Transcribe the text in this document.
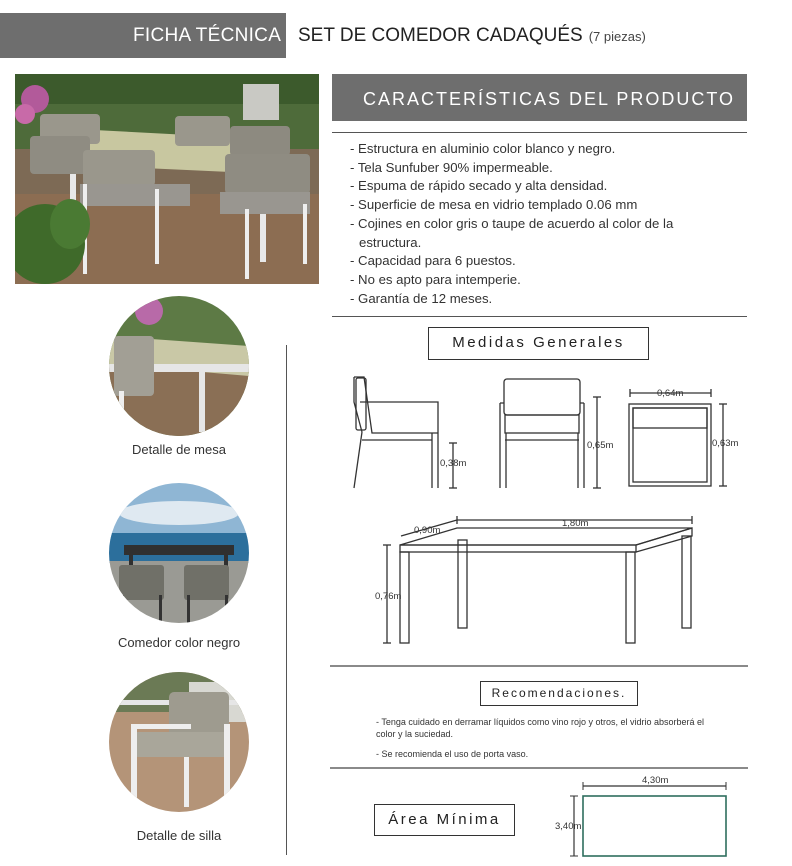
FICHA TÉCNICA SET DE COMEDOR CADAQUÉS (7 piezas)
CARACTERÍSTICAS DEL PRODUCTO
- Estructura en aluminio color blanco y negro.
- Tela Sunfuber 90% impermeable.
- Espuma de rápido secado y alta densidad.
- Superficie de mesa en vidrio templado 0.06 mm
- Cojines en color gris o taupe de acuerdo al color de la estructura.
- Capacidad para 6 puestos.
- No es apto para intemperie.
- Garantía de 12 meses.
Detalle de mesa
Comedor color negro
Detalle de silla
Medidas Generales
0,38m
0,65m
0,64m
0,63m
0,90m
1,80m
0,76m
Recomendaciones.
- Tenga cuidado en derramar líquidos como vino rojo y otros, el vidrio absorberá el color y la suciedad.
- Se recomienda el uso de porta vaso.
Área Mínima
4,30m
3,40m
